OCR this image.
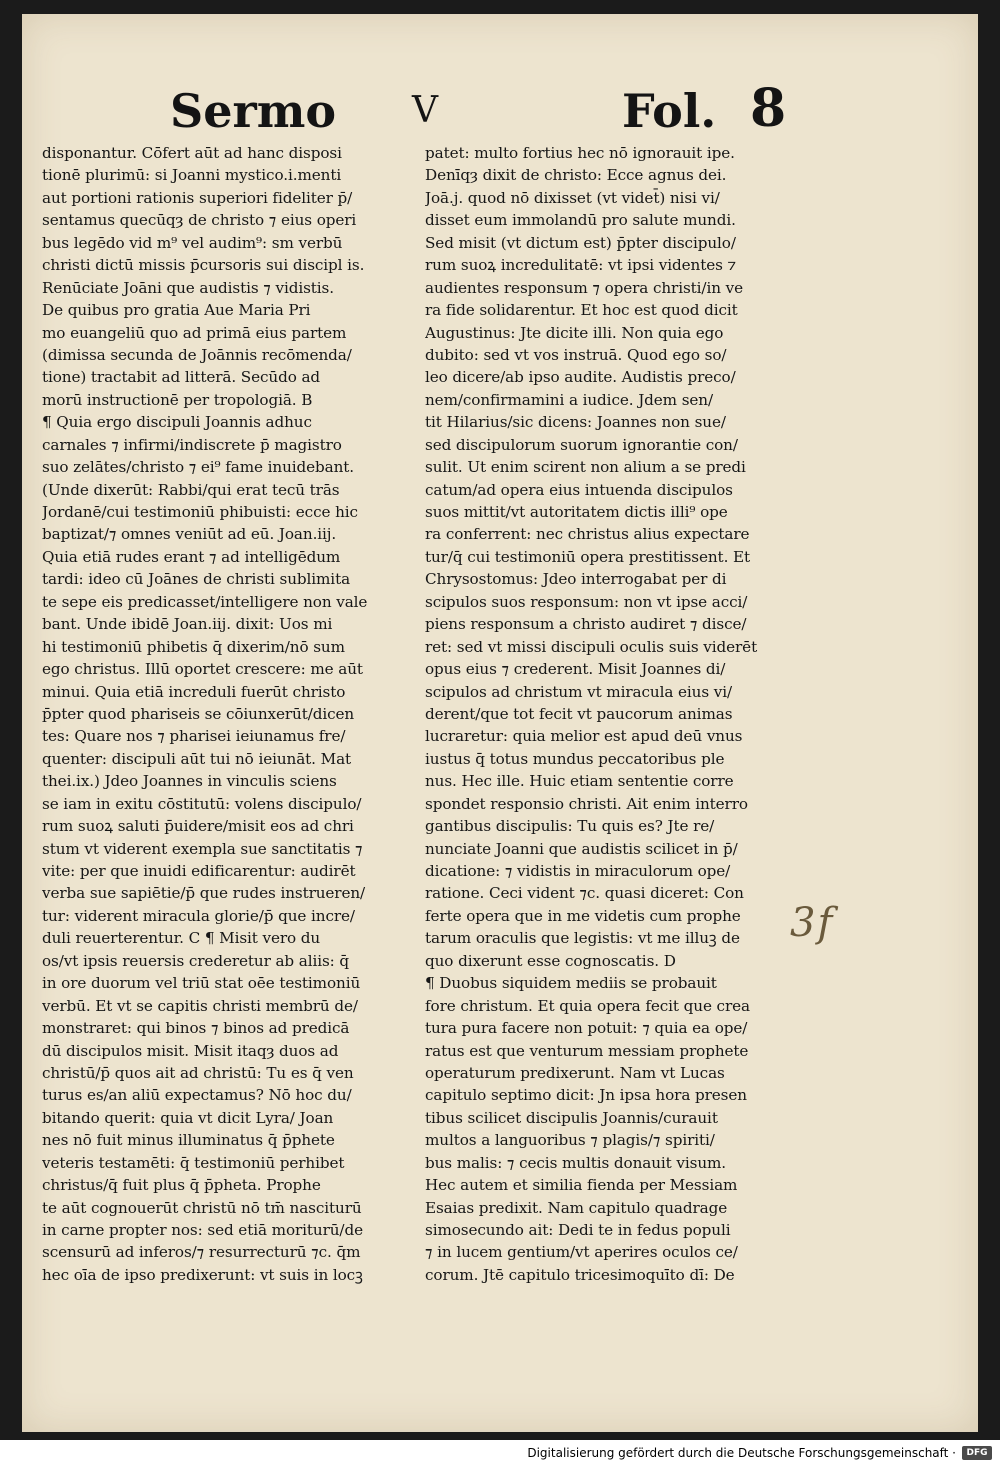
Sermo V	Fol. 8
disponantur. Cōfert aūt ad hanc disposi
tionē plurimū: si Joanni mystico.i.menti
aut portioni rationis superiori fideliter p̄/
sentamus quecūqȝ de christo ⁊ eius operi
bus legēdo vid m⁹ vel audim⁹: sm verbū
christi dictū missis p̄cursoris sui discipl is.
Renūciate Joāni que audistis ⁊ vidistis.
De quibus pro gratia Aue Maria Pri
mo euangeliū quo ad primā eius partem
(dimissa secunda de Joānnis recōmenda/
tione) tractabit ad litterā. Secūdo ad
morū instructionē per tropologiā. B
¶ Quia ergo discipuli Joannis adhuc
carnales ⁊ infirmi/indiscrete p̄ magistro
suo zelātes/christo ⁊ ei⁹ fame inuidebant.
(Unde dixerūt: Rabbi/qui erat tecū trās
Jordanē/cui testimoniū phibuisti: ecce hic
baptizat/⁊ omnes veniūt ad eū. Joan.iij.
Quia etiā rudes erant ⁊ ad intelligēdum
tardi: ideo cū Joānes de christi sublimita
te sepe eis predicasset/intelligere non vale
bant. Unde ibidē Joan.iij. dixit: Uos mi
hi testimoniū phibetis q̄ dixerim/nō sum
ego christus. Illū oportet crescere: me aūt
minui. Quia etiā increduli fuerūt christo
p̄pter quod phariseis se cōiunxerūt/dicen
tes: Quare nos ⁊ pharisei ieiunamus fre/
quenter: discipuli aūt tui nō ieiunāt. Mat
thei.ix.) Jdeo Joannes in vinculis sciens
se iam in exitu cōstitutū: volens discipulo/
rum suoꝝ saluti p̄uidere/misit eos ad chri
stum vt viderent exempla sue sanctitatis ⁊
vite: per que inuidi edificarentur: audirēt
verba sue sapiētie/p̄ que rudes instrueren/
tur: viderent miracula glorie/p̄ que incre/
duli reuerterentur. C ¶ Misit vero du
os/vt ipsis reuersis crederetur ab aliis: q̄
in ore duorum vel triū stat oēe testimoniū
verbū. Et vt se capitis christi membrū de/
monstraret: qui binos ⁊ binos ad predicā
dū discipulos misit. Misit itaqȝ duos ad
christū/p̄ quos ait ad christū: Tu es q̄ ven
turus es/an aliū expectamus? Nō hoc du/
bitando querit: quia vt dicit Lyra/ Joan
nes nō fuit minus illuminatus q̄ p̄phete
veteris testamēti: q̄ testimoniū perhibet
christus/q̄ fuit plus q̄ p̄pheta. Prophe
te aūt cognouerūt christū nō tm̄ nasciturū
in carne propter nos: sed etiā moriturū/de
scensurū ad inferos/⁊ resurrecturū ⁊c. q̄m
hec oīa de ipso predixerunt: vt suis in locꝫ
patet: multo fortius hec nō ignorauit ipe.
Denīqȝ dixit de christo: Ecce agnus dei.
Joā.j. quod nō dixisset (vt videt̄) nisi vi/
disset eum immolandū pro salute mundi.
Sed misit (vt dictum est) p̄pter discipulo/
rum suoꝝ incredulitatē: vt ipsi videntes ⁊
audientes responsum ⁊ opera christi/in ve
ra fide solidarentur. Et hoc est quod dicit
Augustinus: Jte dicite illi. Non quia ego
dubito: sed vt vos instruā. Quod ego so/
leo dicere/ab ipso audite. Audistis preco/
nem/confirmamini a iudice. Jdem sen/
tit Hilarius/sic dicens: Joannes non sue/
sed discipulorum suorum ignorantie con/
sulit. Ut enim scirent non alium a se predi
catum/ad opera eius intuenda discipulos
suos mittit/vt autoritatem dictis illi⁹ ope
ra conferrent: nec christus alius expectare
tur/q̄ cui testimoniū opera prestitissent. Et
Chrysostomus: Jdeo interrogabat per di
scipulos suos responsum: non vt ipse acci/
piens responsum a christo audiret ⁊ disce/
ret: sed vt missi discipuli oculis suis viderēt
opus eius ⁊ crederent. Misit Joannes di/
scipulos ad christum vt miracula eius vi/
derent/que tot fecit vt paucorum animas
lucraretur: quia melior est apud deū vnus
iustus q̄ totus mundus peccatoribus ple
nus. Hec ille. Huic etiam sententie corre
spondet responsio christi. Ait enim interro
gantibus discipulis: Tu quis es? Jte re/
nunciate Joanni que audistis scilicet in p̄/
dicatione: ⁊ vidistis in miraculorum ope/
ratione. Ceci vident ⁊c. quasi diceret: Con
ferte opera que in me videtis cum prophe
tarum oraculis que legistis: vt me illuꝫ de
quo dixerunt esse cognoscatis. D
¶ Duobus siquidem mediis se probauit
fore christum. Et quia opera fecit que crea
tura pura facere non potuit: ⁊ quia ea ope/
ratus est que venturum messiam prophete
operaturum predixerunt. Nam vt Lucas
capitulo septimo dicit: Jn ipsa hora presen
tibus scilicet discipulis Joannis/curauit
multos a languoribus ⁊ plagis/⁊ spiriti/
bus malis: ⁊ cecis multis donauit visum.
Hec autem et similia fienda per Messiam
Esaias predixit. Nam capitulo quadrage
simosecundo ait: Dedi te in fedus populi
⁊ in lucem gentium/vt aperires oculos ce/
corum. Jtē capitulo tricesimoquīto dī: De
3f
Digitalisierung gefördert durch die Deutsche Forschungsgemeinschaft ·	DFG
